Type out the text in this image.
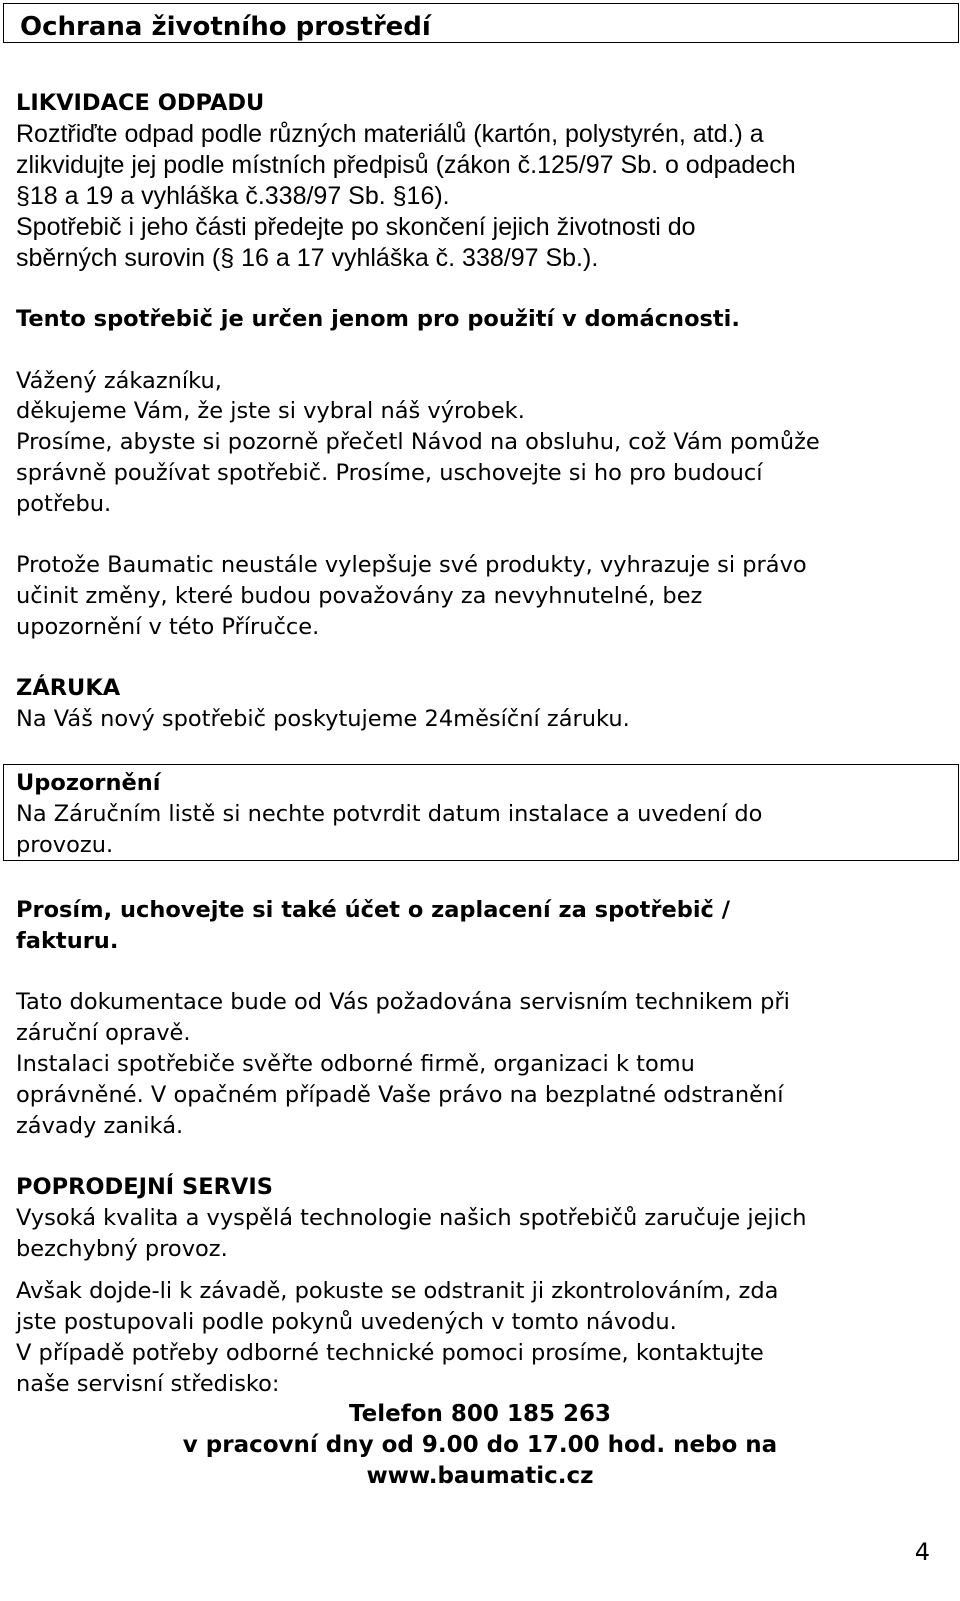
Ochrana životního prostředí
LIKVIDACE ODPADU
Roztřiďte odpad podle různých materiálů (kartón, polystyrén, atd.) a
zlikvidujte jej podle místních předpisů (zákon č.125/97 Sb. o odpadech
§18 a 19 a vyhláška č.338/97 Sb. §16).
Spotřebič i jeho části předejte po skončení jejich životnosti do
sběrných surovin (§ 16 a 17 vyhláška č. 338/97 Sb.).
Tento spotřebič je určen jenom pro použití v domácnosti.
Vážený zákazníku,
děkujeme Vám, že jste si vybral náš výrobek.
Prosíme, abyste si pozorně přečetl Návod na obsluhu, což Vám pomůže
správně používat spotřebič. Prosíme, uschovejte si ho pro budoucí
potřebu.
Protože Baumatic neustále vylepšuje své produkty, vyhrazuje si právo
učinit změny, které budou považovány za nevyhnutelné, bez
upozornění v této Příručce.
ZÁRUKA
Na Váš nový spotřebič poskytujeme 24měsíční záruku.
Upozornění
Na Záručním listě si nechte potvrdit datum instalace a uvedení do
provozu.
Prosím, uchovejte si také účet o zaplacení za spotřebič /
fakturu.
Tato dokumentace bude od Vás požadována servisním technikem při
záruční opravě.
Instalaci spotřebiče svěřte odborné firmě, organizaci k tomu
oprávněné. V opačném případě Vaše právo na bezplatné odstranění
závady zaniká.
POPRODEJNÍ SERVIS
Vysoká kvalita a vyspělá technologie našich spotřebičů zaručuje jejich
bezchybný provoz.
Avšak dojde-li k závadě, pokuste se odstranit ji zkontrolováním, zda
jste postupovali podle pokynů uvedených v tomto návodu.
V případě potřeby odborné technické pomoci prosíme, kontaktujte
naše servisní středisko:
Telefon 800 185 263
v pracovní dny od 9.00 do 17.00 hod. nebo na
www.baumatic.cz
4
